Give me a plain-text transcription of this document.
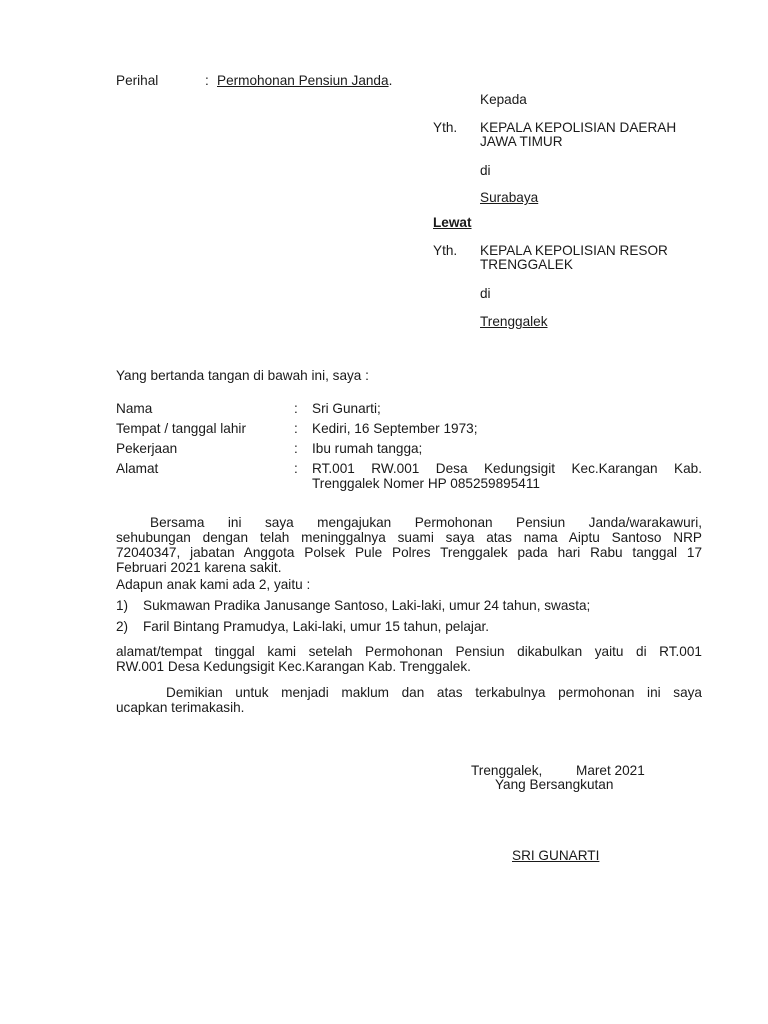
Perihal	: Permohonan Pensiun Janda.
Kepada
Yth. KEPALA KEPOLISIAN DAERAH
JAWA TIMUR
di
Surabaya
Lewat
Yth. KEPALA KEPOLISIAN RESOR
TRENGGALEK
di
Trenggalek
Yang bertanda tangan di bawah ini, saya :
Nama	: Sri Gunarti;
Tempat / tanggal lahir	: Kediri, 16 September 1973;
Pekerjaan	: Ibu rumah tangga;
Alamat	: RT.001 RW.001 Desa Kedungsigit Kec.Karangan Kab.
Trenggalek Nomer HP 085259895411
Bersama ini saya mengajukan Permohonan Pensiun Janda/warakawuri,
sehubungan dengan telah meninggalnya suami saya atas nama Aiptu Santoso NRP
72040347, jabatan Anggota Polsek Pule Polres Trenggalek pada hari Rabu tanggal 17
Februari 2021 karena sakit.
Adapun anak kami ada 2, yaitu :
1) Sukmawan Pradika Janusange Santoso, Laki-laki, umur 24 tahun, swasta;
2) Faril Bintang Pramudya, Laki-laki, umur 15 tahun, pelajar.
alamat/tempat tinggal kami setelah Permohonan Pensiun dikabulkan yaitu di RT.001
RW.001 Desa Kedungsigit Kec.Karangan Kab. Trenggalek.
Demikian untuk menjadi maklum dan atas terkabulnya permohonan ini saya
ucapkan terimakasih.
Trenggalek, Maret 2021
Yang Bersangkutan
SRI GUNARTI
